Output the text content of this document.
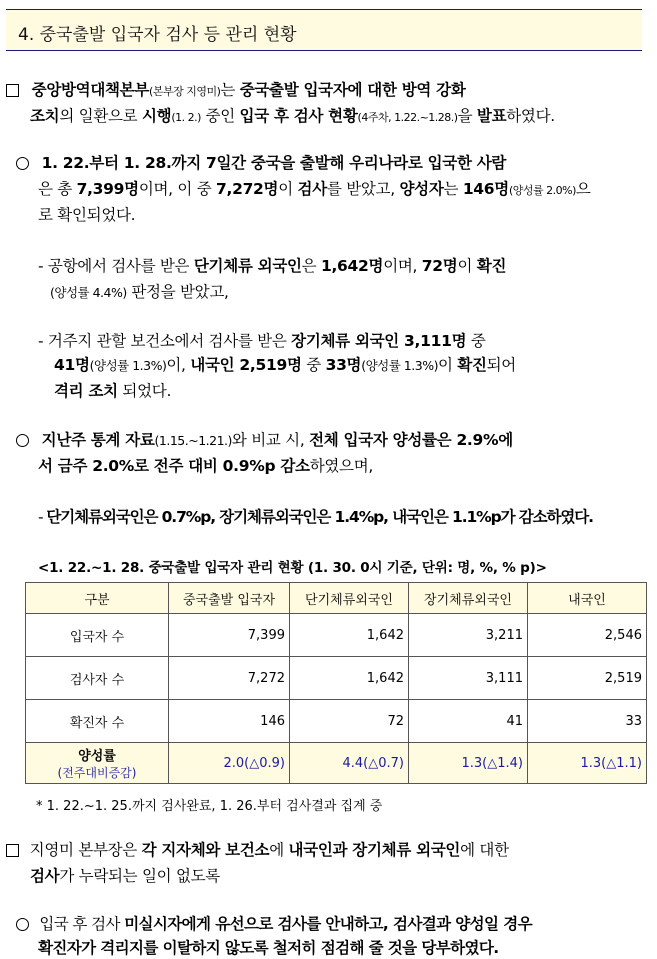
4. 중국출발 입국자 검사 등 관리 현황
중앙방역대책본부(본부장 지영미)는 중국출발 입국자에 대한 방역 강화
조치의 일환으로 시행(1. 2.) 중인 입국 후 검사 현황(4주차, 1.22.~1.28.)을 발표하였다.
1. 22.부터 1. 28.까지 7일간 중국을 출발해 우리나라로 입국한 사람
은 총 7,399명이며, 이 중 7,272명이 검사를 받았고, 양성자는 146명(양성률 2.0%)으
로 확인되었다.
- 공항에서 검사를 받은 단기체류 외국인은 1,642명이며, 72명이 확진
(양성률 4.4%) 판정을 받았고,
- 거주지 관할 보건소에서 검사를 받은 장기체류 외국인 3,111명 중
41명(양성률 1.3%)이, 내국인 2,519명 중 33명(양성률 1.3%)이 확진되어
격리 조치 되었다.
지난주 통계 자료(1.15.~1.21.)와 비교 시, 전체 입국자 양성률은 2.9%에
서 금주 2.0%로 전주 대비 0.9%p 감소하였으며,
- 단기체류외국인은 0.7%p, 장기체류외국인은 1.4%p, 내국인은 1.1%p가 감소하였다.
<1. 22.~1. 28. 중국출발 입국자 관리 현황 (1. 30. 0시 기준, 단위: 명, %, % p)>
구분	중국출발 입국자	단기체류외국인	장기체류외국인	내국인
입국자 수	7,399	1,642	3,211	2,546
검사자 수	7,272	1,642	3,111	2,519
확진자 수	146	72	41	33
양성률
(전주대비증감)	2.0(△0.9)	4.4(△0.7)	1.3(△1.4)	1.3(△1.1)
* 1. 22.~1. 25.까지 검사완료, 1. 26.부터 검사결과 집계 중
지영미 본부장은 각 지자체와 보건소에 내국인과 장기체류 외국인에 대한
검사가 누락되는 일이 없도록
입국 후 검사 미실시자에게 유선으로 검사를 안내하고, 검사결과 양성일 경우
확진자가 격리지를 이탈하지 않도록 철저히 점검해 줄 것을 당부하였다.
